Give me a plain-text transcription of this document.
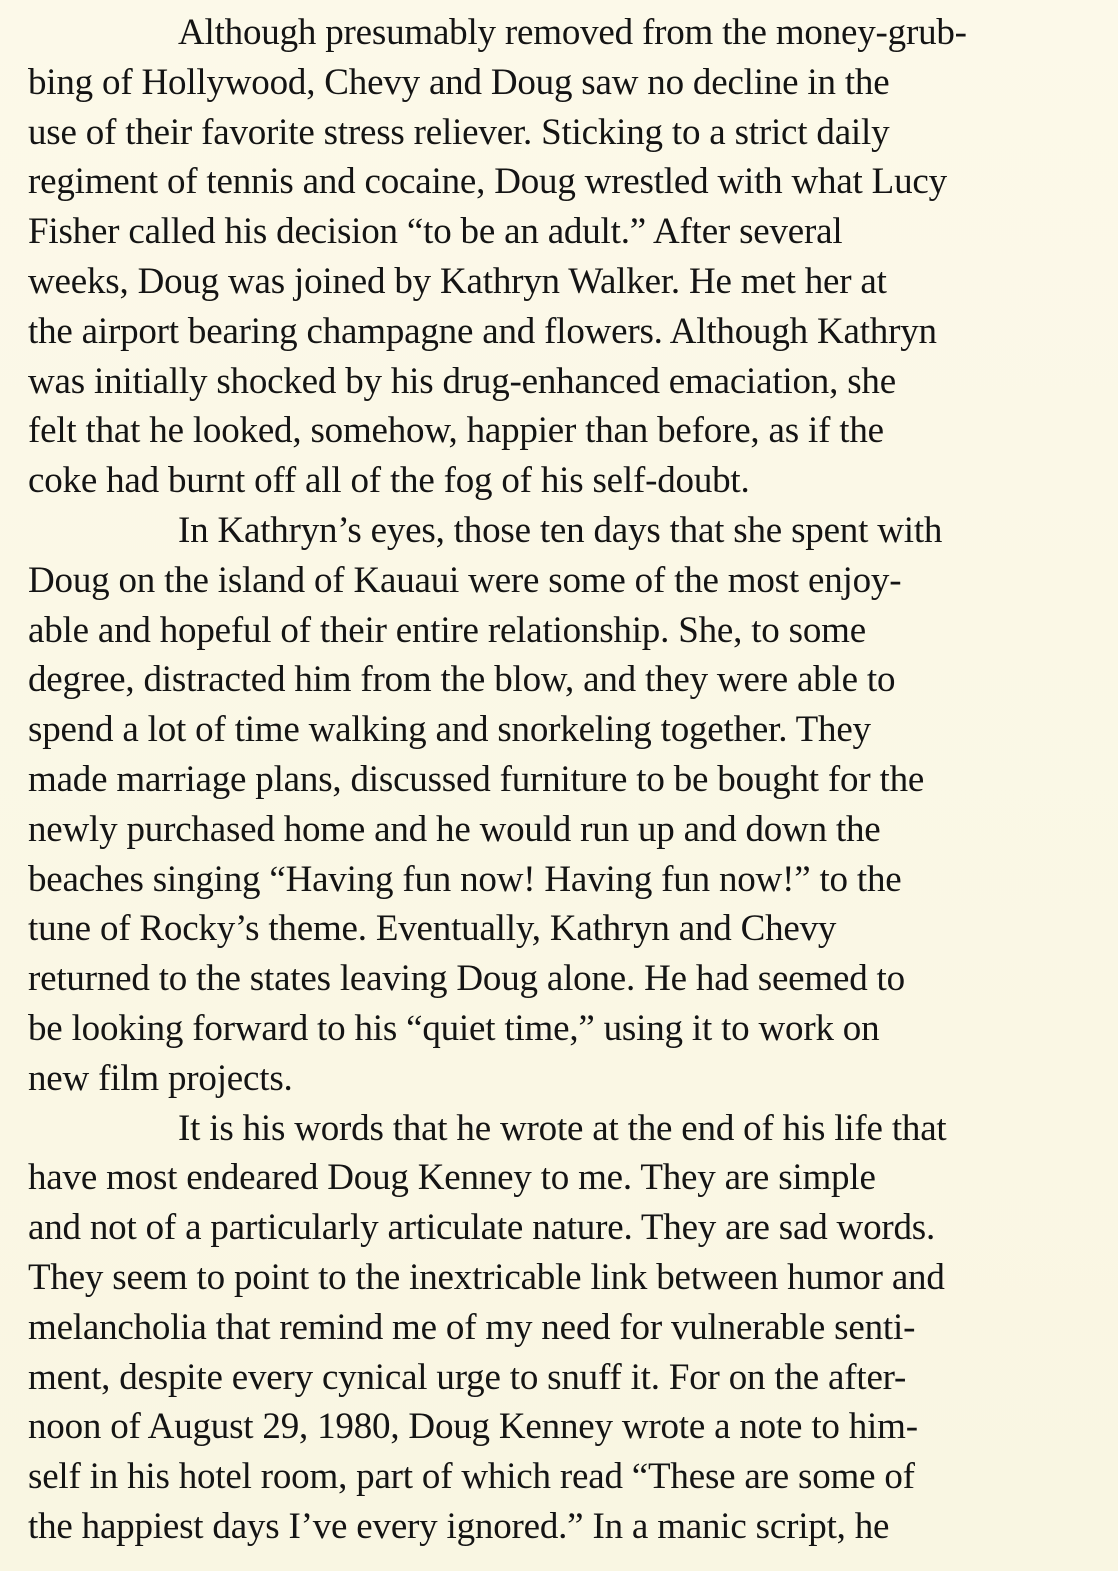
Although presumably removed from the money-grub-
bing of Hollywood, Chevy and Doug saw no decline in the
use of their favorite stress reliever. Sticking to a strict daily
regiment of tennis and cocaine, Doug wrestled with what Lucy
Fisher called his decision “to be an adult.” After several
weeks, Doug was joined by Kathryn Walker. He met her at
the airport bearing champagne and flowers. Although Kathryn
was initially shocked by his drug-enhanced emaciation, she
felt that he looked, somehow, happier than before, as if the
coke had burnt off all of the fog of his self-doubt.
In Kathryn’s eyes, those ten days that she spent with
Doug on the island of Kauaui were some of the most enjoy-
able and hopeful of their entire relationship. She, to some
degree, distracted him from the blow, and they were able to
spend a lot of time walking and snorkeling together. They
made marriage plans, discussed furniture to be bought for the
newly purchased home and he would run up and down the
beaches singing “Having fun now! Having fun now!” to the
tune of Rocky’s theme. Eventually, Kathryn and Chevy
returned to the states leaving Doug alone. He had seemed to
be looking forward to his “quiet time,” using it to work on
new film projects.
It is his words that he wrote at the end of his life that
have most endeared Doug Kenney to me. They are simple
and not of a particularly articulate nature. They are sad words.
They seem to point to the inextricable link between humor and
melancholia that remind me of my need for vulnerable senti-
ment, despite every cynical urge to snuff it. For on the after-
noon of August 29, 1980, Doug Kenney wrote a note to him-
self in his hotel room, part of which read “These are some of
the happiest days I’ve every ignored.” In a manic script, he
